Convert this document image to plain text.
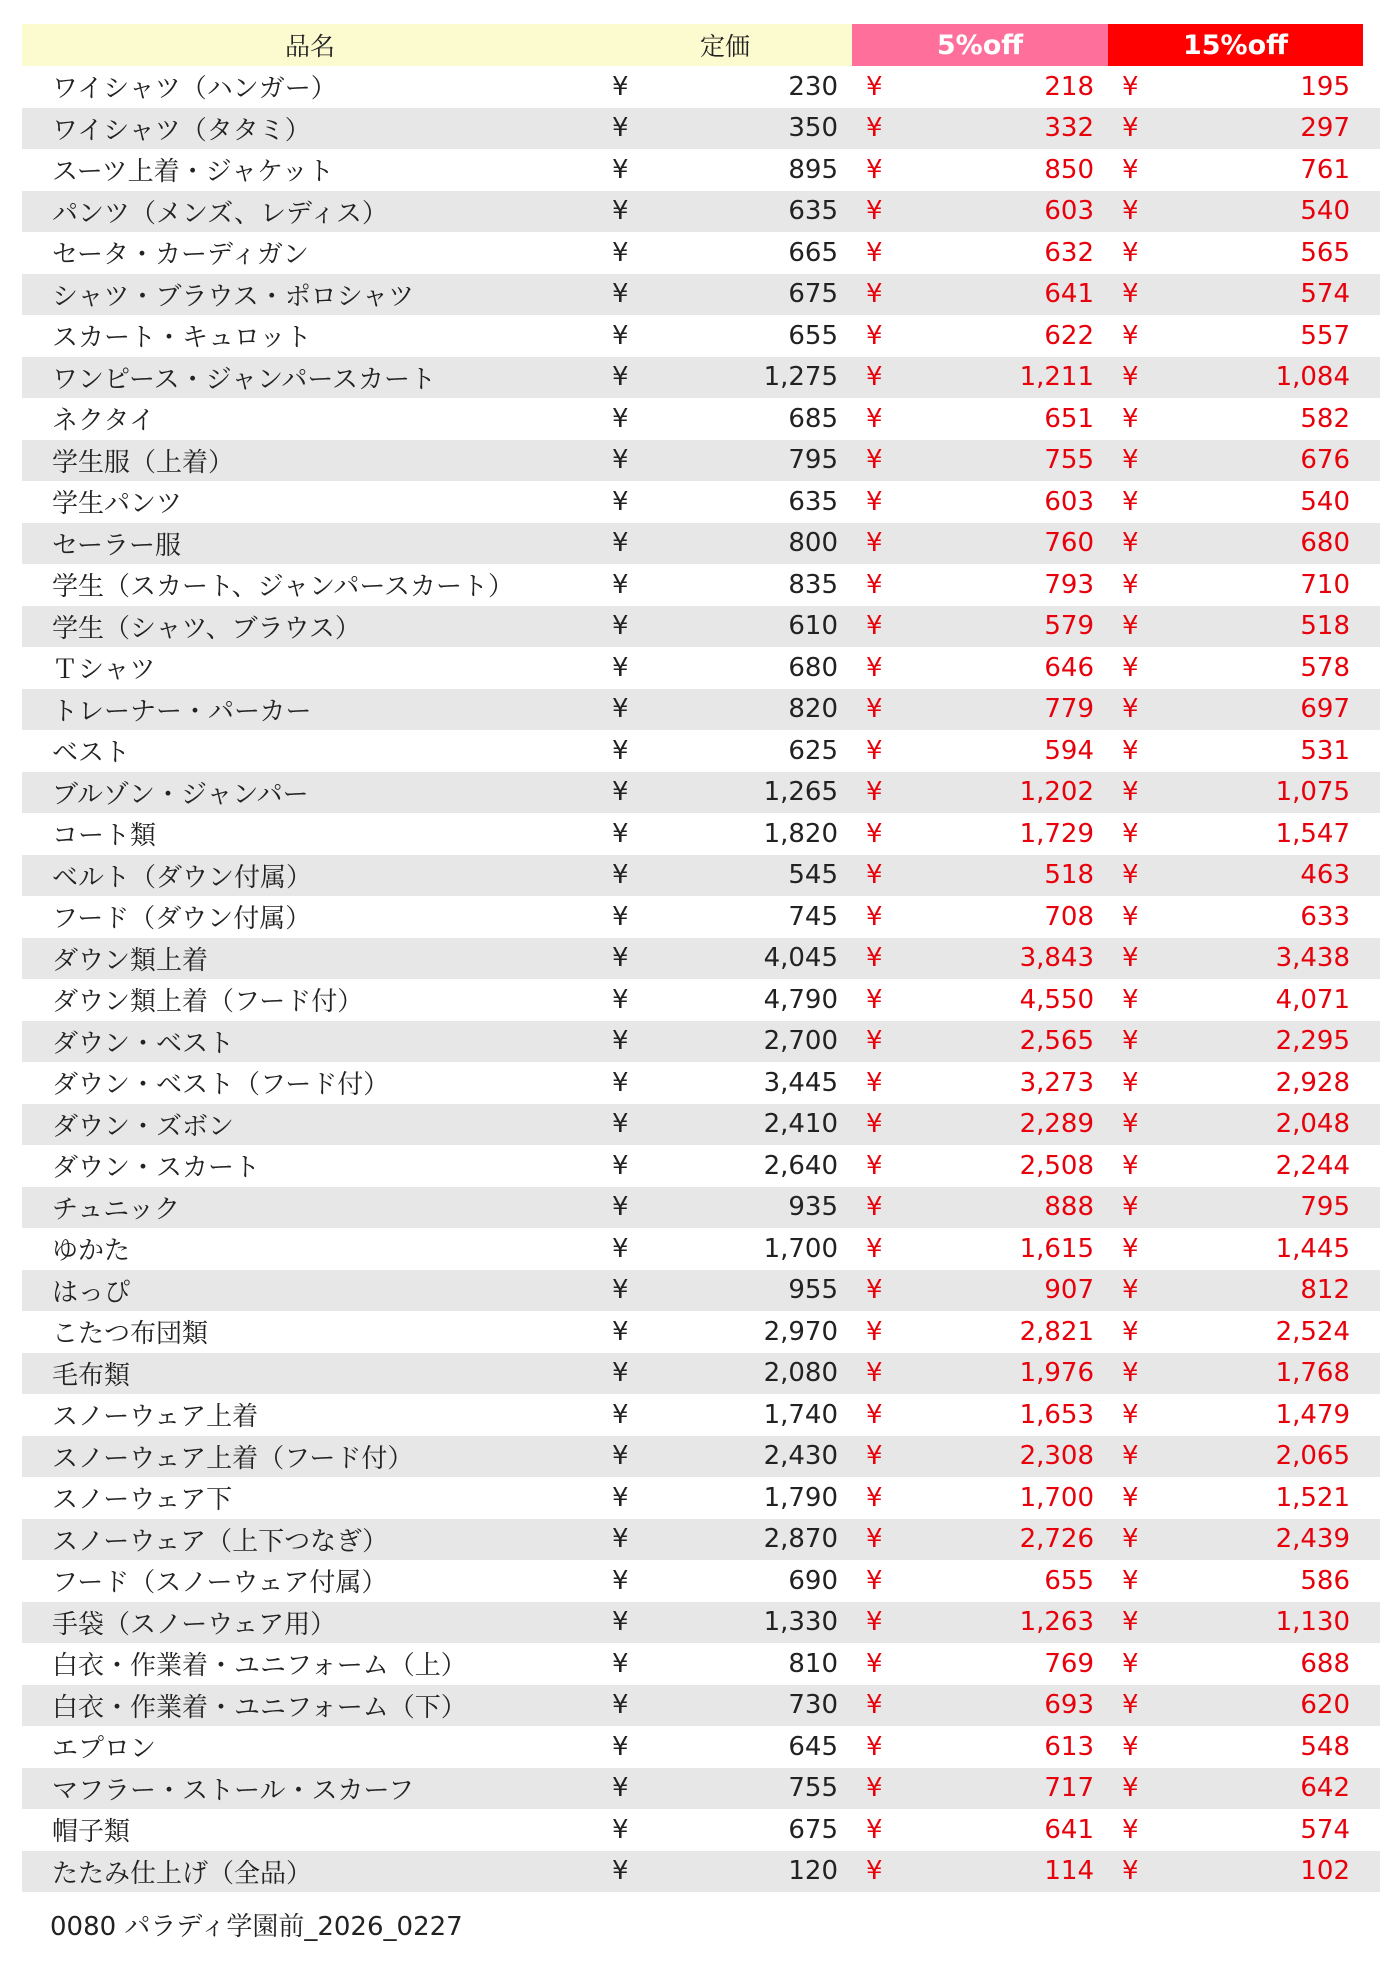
品名	定価	5%off	15%off
ワイシャツ（ハンガー）	¥	230	¥	218	¥	195
ワイシャツ（タタミ）	¥	350	¥	332	¥	297
スーツ上着・ジャケット	¥	895	¥	850	¥	761
パンツ（メンズ、レディス）	¥	635	¥	603	¥	540
セータ・カーディガン	¥	665	¥	632	¥	565
シャツ・ブラウス・ポロシャツ	¥	675	¥	641	¥	574
スカート・キュロット	¥	655	¥	622	¥	557
ワンピース・ジャンパースカート	¥	1,275	¥	1,211	¥	1,084
ネクタイ	¥	685	¥	651	¥	582
学生服（上着）	¥	795	¥	755	¥	676
学生パンツ	¥	635	¥	603	¥	540
セーラー服	¥	800	¥	760	¥	680
学生（スカート、ジャンパースカート）	¥	835	¥	793	¥	710
学生（シャツ、ブラウス）	¥	610	¥	579	¥	518
Ｔシャツ	¥	680	¥	646	¥	578
トレーナー・パーカー	¥	820	¥	779	¥	697
ベスト	¥	625	¥	594	¥	531
ブルゾン・ジャンパー	¥	1,265	¥	1,202	¥	1,075
コート類	¥	1,820	¥	1,729	¥	1,547
ベルト（ダウン付属）	¥	545	¥	518	¥	463
フード（ダウン付属）	¥	745	¥	708	¥	633
ダウン類上着	¥	4,045	¥	3,843	¥	3,438
ダウン類上着（フード付）	¥	4,790	¥	4,550	¥	4,071
ダウン・ベスト	¥	2,700	¥	2,565	¥	2,295
ダウン・ベスト（フード付）	¥	3,445	¥	3,273	¥	2,928
ダウン・ズボン	¥	2,410	¥	2,289	¥	2,048
ダウン・スカート	¥	2,640	¥	2,508	¥	2,244
チュニック	¥	935	¥	888	¥	795
ゆかた	¥	1,700	¥	1,615	¥	1,445
はっぴ	¥	955	¥	907	¥	812
こたつ布団類	¥	2,970	¥	2,821	¥	2,524
毛布類	¥	2,080	¥	1,976	¥	1,768
スノーウェア上着	¥	1,740	¥	1,653	¥	1,479
スノーウェア上着（フード付）	¥	2,430	¥	2,308	¥	2,065
スノーウェア下	¥	1,790	¥	1,700	¥	1,521
スノーウェア（上下つなぎ）	¥	2,870	¥	2,726	¥	2,439
フード（スノーウェア付属）	¥	690	¥	655	¥	586
手袋（スノーウェア用）	¥	1,330	¥	1,263	¥	1,130
白衣・作業着・ユニフォーム（上）	¥	810	¥	769	¥	688
白衣・作業着・ユニフォーム（下）	¥	730	¥	693	¥	620
エプロン	¥	645	¥	613	¥	548
マフラー・ストール・スカーフ	¥	755	¥	717	¥	642
帽子類	¥	675	¥	641	¥	574
たたみ仕上げ（全品）	¥	120	¥	114	¥	102
0080 パラディ学園前_2026_0227
